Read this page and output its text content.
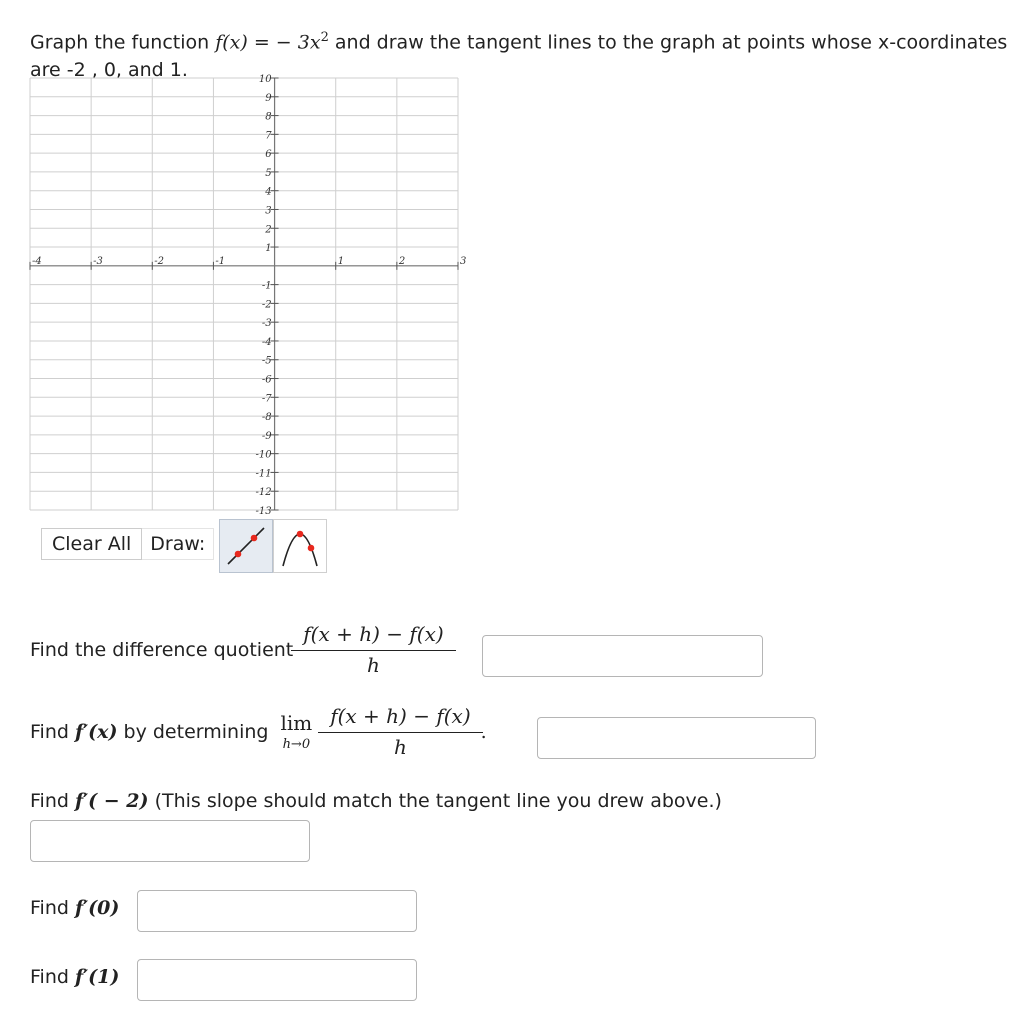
Graph the function f(x) = − $3x^2$ and draw the tangent lines to the graph at points whose x-coordinates are -2 , 0, and 1.
-4	-3	-2	-1	1	2	3
10
9
8
7
6
5
4
3
2
1
-1
-2
-3
-4
-5
-6
-7
-8
-9
-10
-11
-12
-13
Clear All	Draw:
Find the difference quotient $\frac{f(x + h) - f(x)}{h}$
Find
f′(x)
by determining lim
$h\to 0 \frac{f(x + h) - f(x)}{h}$ .
Find
f′( − 2)
(This slope should match the tangent line you drew above.)
Find
f′(0)
Find
f′(1)
